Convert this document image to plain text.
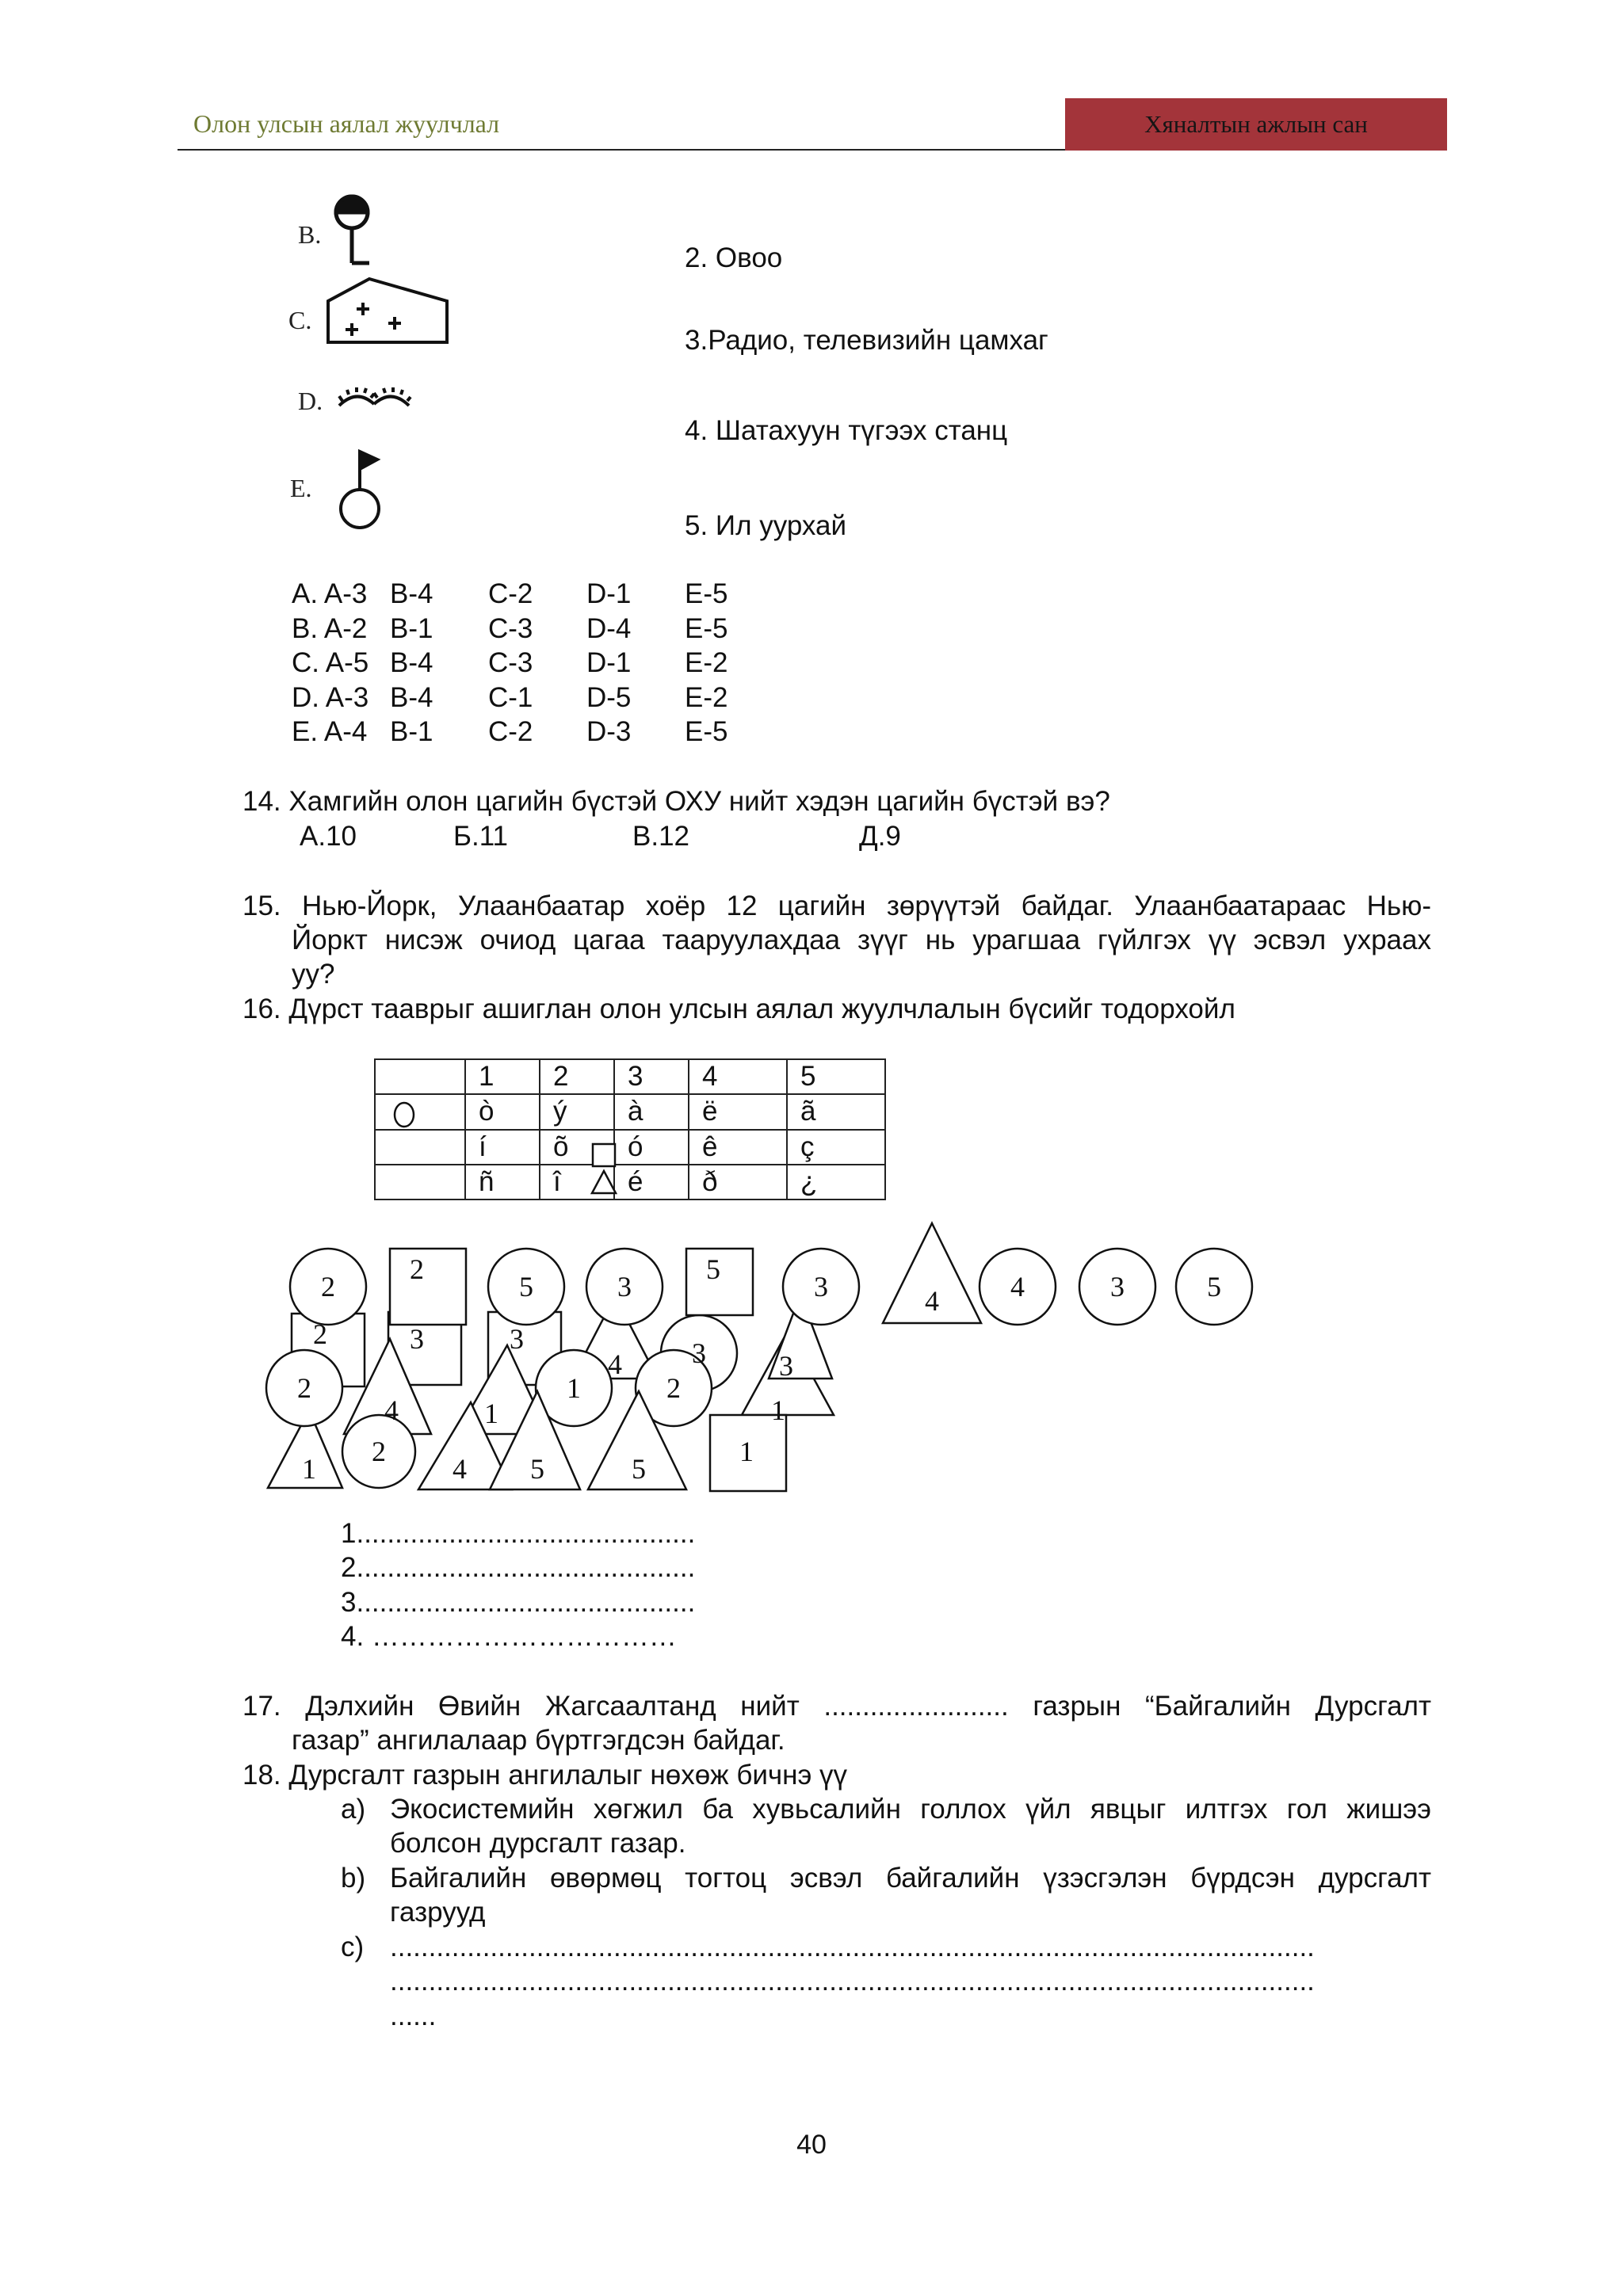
Олон улсын аялал жуулчлал	Хяналтын ажлын сан
B.
C.
D.
E.
2. Овоо
3.Радио, телевизийн цамхаг
4. Шатахуун түгээх станц
5. Ил уурхай
A. A-3 B-4 C-2 D-1 E-5
B. A-2 B-1 C-3 D-4 E-5
C. A-5 B-4 C-3 D-1 E-2
D. A-3 B-4 C-1 D-5 E-2
E. A-4 B-1 C-2 D-3 E-5
14. Хамгийн олон цагийн бүстэй ОХУ нийт хэдэн цагийн бүстэй вэ?
A.10	Б.11	В.12	Д.9
15. Нью-Йорк, Улаанбаатар хоёр 12 цагийн зөрүүтэй байдаг. Улаанбаатараас Нью-
Йоркт нисэж очиод цагаа тааруулахдаа зүүг нь урагшаа гүйлгэх үү эсвэл ухраах
уу?
16. Дүрст тааврыг ашиглан олон улсын аялал жуулчлалын бүсийг тодорхойл
	1	2	3	4	5
	ò	ý	à	ë	ã
	í	õ	ó	ê	ç
	ñ	î	é	ð	¿
2
2
5	3
5
3	4	4	3	5
2	3	3
4 3	3
2
4	1
1	2
1
1
2
4 5	5
1
1............................................
2............................................
3............................................
4. ……………………………
17. Дэлхийн Өвийн Жагсаалтанд нийт ........................ газрын “Байгалийн Дурсгалт
газар” ангилалаар бүртгэгдсэн байдаг.
18. Дурсгалт газрын ангилалыг нөхөж бичнэ үү
a) Экосистемийн хөгжил ба хувьсалийн голлох үйл явцыг илтгэх гол жишээ
болсон дурсгалт газар.
b) Байгалийн өвөрмөц тогтоц эсвэл байгалийн үзэсгэлэн бүрдсэн дурсгалт
газрууд
c) ........................................................................................................................
........................................................................................................................
......
40
